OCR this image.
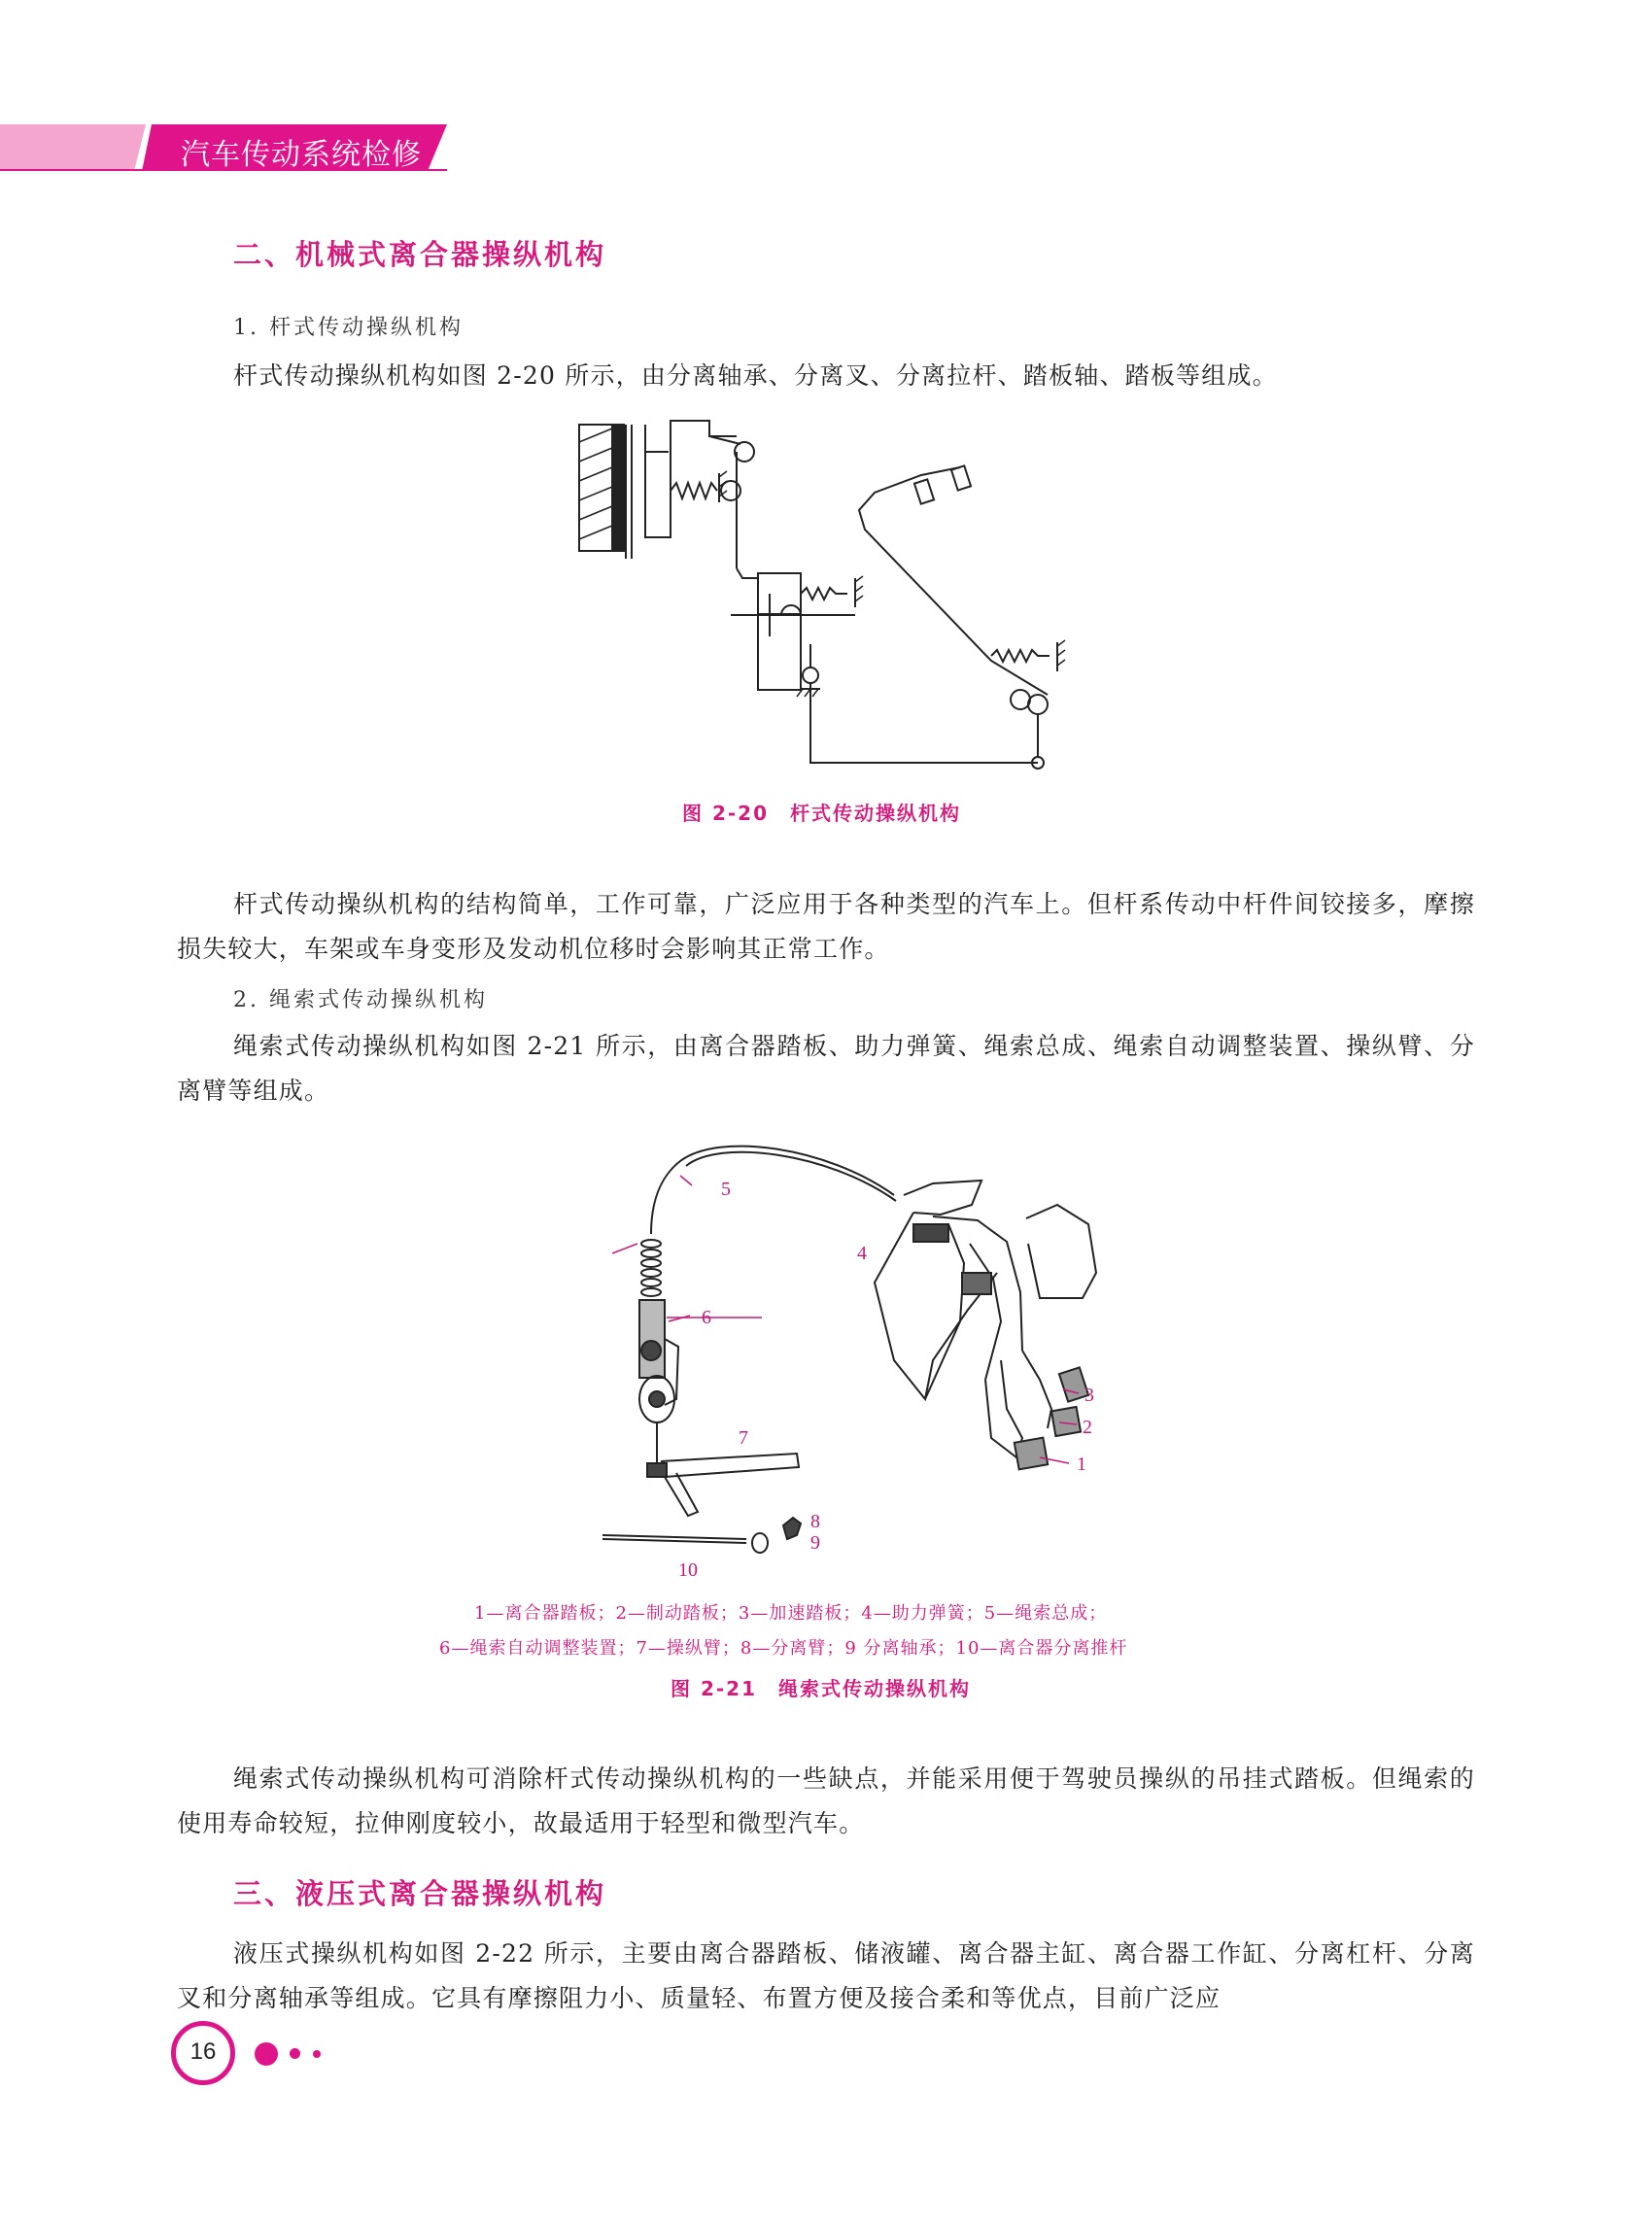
汽车传动系统检修
二、机械式离合器操纵机构
1. 杆式传动操纵机构

杆式传动操纵机构如图 2-20 所示，由分离轴承、分离叉、分离拉杆、踏板轴、踏板等组成。

图 2-20　杆式传动操纵机构

杆式传动操纵机构的结构简单，工作可靠，广泛应用于各种类型的汽车上。但杆系传动中杆件间铰接多，摩擦损失较大，车架或车身变形及发动机位移时会影响其正常工作。

2. 绳索式传动操纵机构

绳索式传动操纵机构如图 2-21 所示，由离合器踏板、助力弹簧、绳索总成、绳索自动调整装置、操纵臂、分离臂等组成。

1
2
3
4
5
6
7
8
9
10
1—离合器踏板；2—制动踏板；3—加速踏板；4—助力弹簧；5—绳索总成；
6—绳索自动调整装置；7—操纵臂；8—分离臂；9 分离轴承；10—离合器分离推杆
图 2-21　绳索式传动操纵机构

绳索式传动操纵机构可消除杆式传动操纵机构的一些缺点，并能采用便于驾驶员操纵的吊挂式踏板。但绳索的使用寿命较短，拉伸刚度较小，故最适用于轻型和微型汽车。

三、液压式离合器操纵机构

液压式操纵机构如图 2-22 所示，主要由离合器踏板、储液罐、离合器主缸、离合器工作缸、分离杠杆、分离叉和分离轴承等组成。它具有摩擦阻力小、质量轻、布置方便及接合柔和等优点，目前广泛应

16
